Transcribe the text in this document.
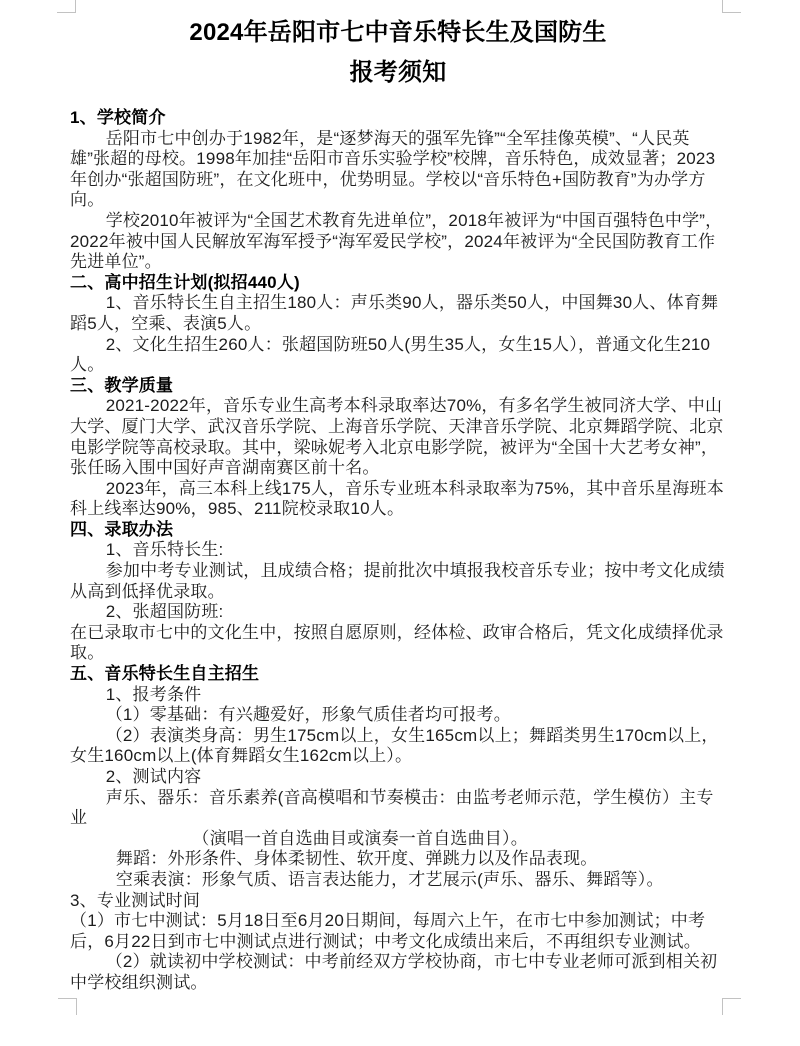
2024年岳阳市七中音乐特长生及国防生
报考须知

1、学校简介

岳阳市七中创办于1982年，是“逐梦海天的强军先锋”“全军挂像英模”、“人民英雄”张超的母校。1998年加挂“岳阳市音乐实验学校”校牌，音乐特色，成效显著；2023年创办“张超国防班”，在文化班中，优势明显。学校以“音乐特色+国防教育”为办学方向。

学校2010年被评为“全国艺术教育先进单位”，2018年被评为“中国百强特色中学”，2022年被中国人民解放军海军授予“海军爱民学校”，2024年被评为“全民国防教育工作先进单位”。

二、高中招生计划(拟招440人)

1、音乐特长生自主招生180人：声乐类90人，器乐类50人，中国舞30人、体育舞蹈5人，空乘、表演5人。

2、文化生招生260人：张超国防班50人(男生35人，女生15人），普通文化生210人。

三、教学质量

2021-2022年，音乐专业生高考本科录取率达70%，有多名学生被同济大学、中山大学、厦门大学、武汉音乐学院、上海音乐学院、天津音乐学院、北京舞蹈学院、北京电影学院等高校录取。其中，梁咏妮考入北京电影学院，被评为“全国十大艺考女神”，张任旸入围中国好声音湖南赛区前十名。

2023年，高三本科上线175人，音乐专业班本科录取率为75%，其中音乐星海班本科上线率达90%，985、211院校录取10人。

四、录取办法

1、音乐特长生:

参加中考专业测试，且成绩合格；提前批次中填报我校音乐专业；按中考文化成绩从高到低择优录取。

2、张超国防班:

在已录取市七中的文化生中，按照自愿原则，经体检、政审合格后，凭文化成绩择优录取。

五、音乐特长生自主招生

1、报考条件

（1）零基础：有兴趣爱好，形象气质佳者均可报考。

（2）表演类身高：男生175cm以上，女生165cm以上；舞蹈类男生170cm以上，女生160cm以上(体育舞蹈女生162cm以上）。

2、测试内容

声乐、器乐：音乐素养(音高模唱和节奏模击：由监考老师示范，学生模仿）主专业

（演唱一首自选曲目或演奏一首自选曲目）。

舞蹈：外形条件、身体柔韧性、软开度、弹跳力以及作品表现。

空乘表演：形象气质、语言表达能力，才艺展示(声乐、器乐、舞蹈等）。

3、专业测试时间

（1）市七中测试：5月18日至6月20日期间，每周六上午，在市七中参加测试；中考后，6月22日到市七中测试点进行测试；中考文化成绩出来后，不再组织专业测试。

（2）就读初中学校测试：中考前经双方学校协商，市七中专业老师可派到相关初中学校组织测试。
